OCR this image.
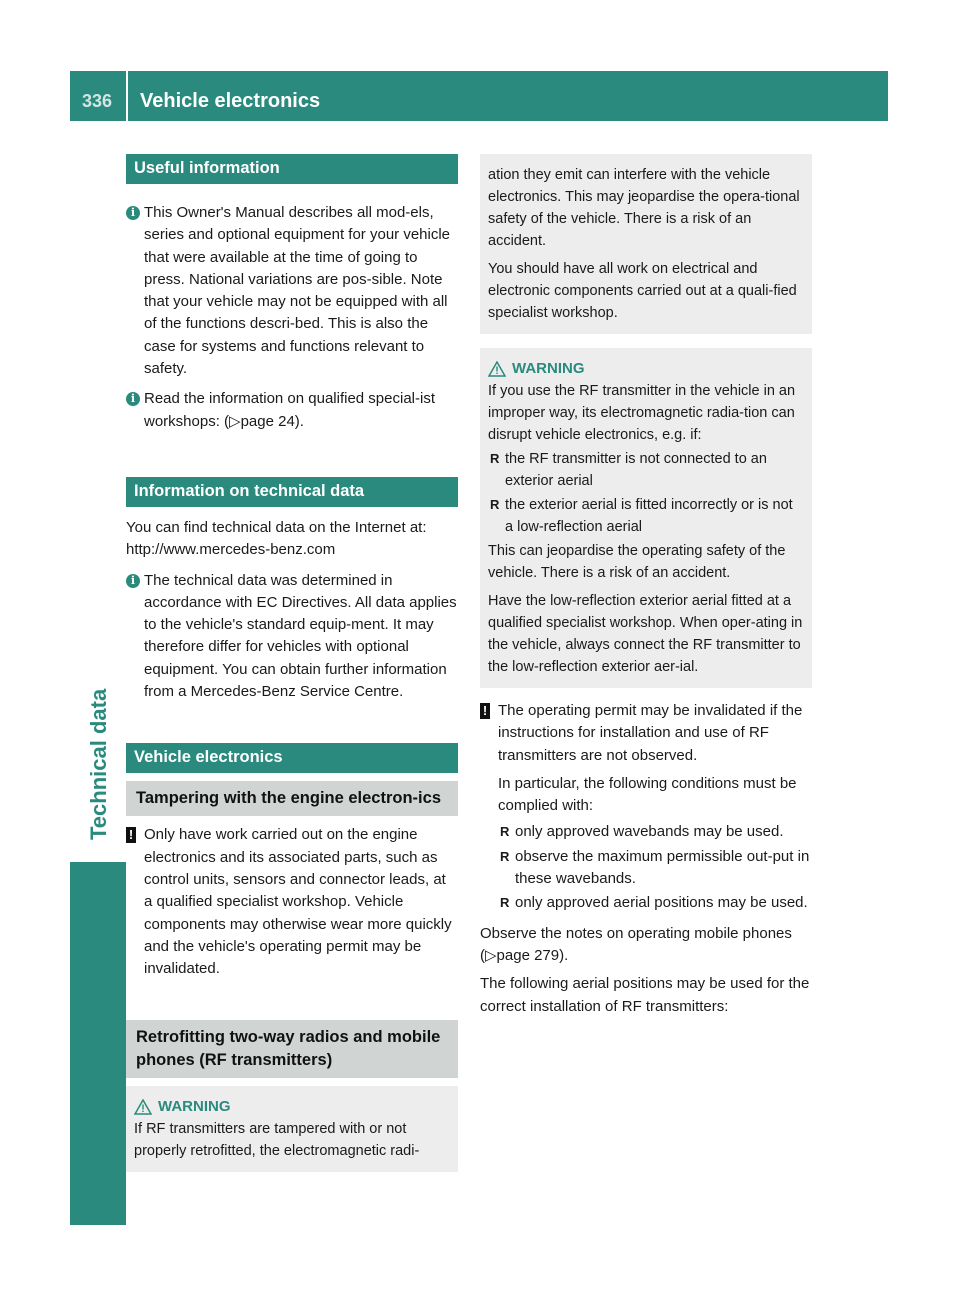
336 Vehicle electronics
Technical data
Useful information
i This Owner's Manual describes all mod-els, series and optional equipment for your vehicle that were available at the time of going to press. National variations are pos-sible. Note that your vehicle may not be equipped with all of the functions descri-bed. This is also the case for systems and functions relevant to safety.

i Read the information on qualified special-ist workshops: (▷page 24).

Information on technical data

You can find technical data on the Internet at: http://www.mercedes-benz.com

i The technical data was determined in accordance with EC Directives. All data applies to the vehicle's standard equip-ment. It may therefore differ for vehicles with optional equipment. You can obtain further information from a Mercedes-Benz Service Centre.

Vehicle electronics
Tampering with the engine electron-ics
! Only have work carried out on the engine electronics and its associated parts, such as control units, sensors and connector leads, at a qualified specialist workshop. Vehicle components may otherwise wear more quickly and the vehicle's operating permit may be invalidated.

Retrofitting two-way radios and mobile phones (RF transmitters)
WARNING

If RF transmitters are tampered with or not properly retrofitted, the electromagnetic radi-

ation they emit can interfere with the vehicle electronics. This may jeopardise the opera-tional safety of the vehicle. There is a risk of an accident.

You should have all work on electrical and electronic components carried out at a quali-fied specialist workshop.

WARNING

If you use the RF transmitter in the vehicle in an improper way, its electromagnetic radia-tion can disrupt vehicle electronics, e.g. if:

R the RF transmitter is not connected to an exterior aerial
R the exterior aerial is fitted incorrectly or is not a low-reflection aerial

This can jeopardise the operating safety of the vehicle. There is a risk of an accident.

Have the low-reflection exterior aerial fitted at a qualified specialist workshop. When oper-ating in the vehicle, always connect the RF transmitter to the low-reflection exterior aer-ial.

! The operating permit may be invalidated if the instructions for installation and use of RF transmitters are not observed.

In particular, the following conditions must be complied with:

R only approved wavebands may be used.
R observe the maximum permissible out-put in these wavebands.
R only approved aerial positions may be used.

Observe the notes on operating mobile phones (▷page 279).

The following aerial positions may be used for the correct installation of RF transmitters:
